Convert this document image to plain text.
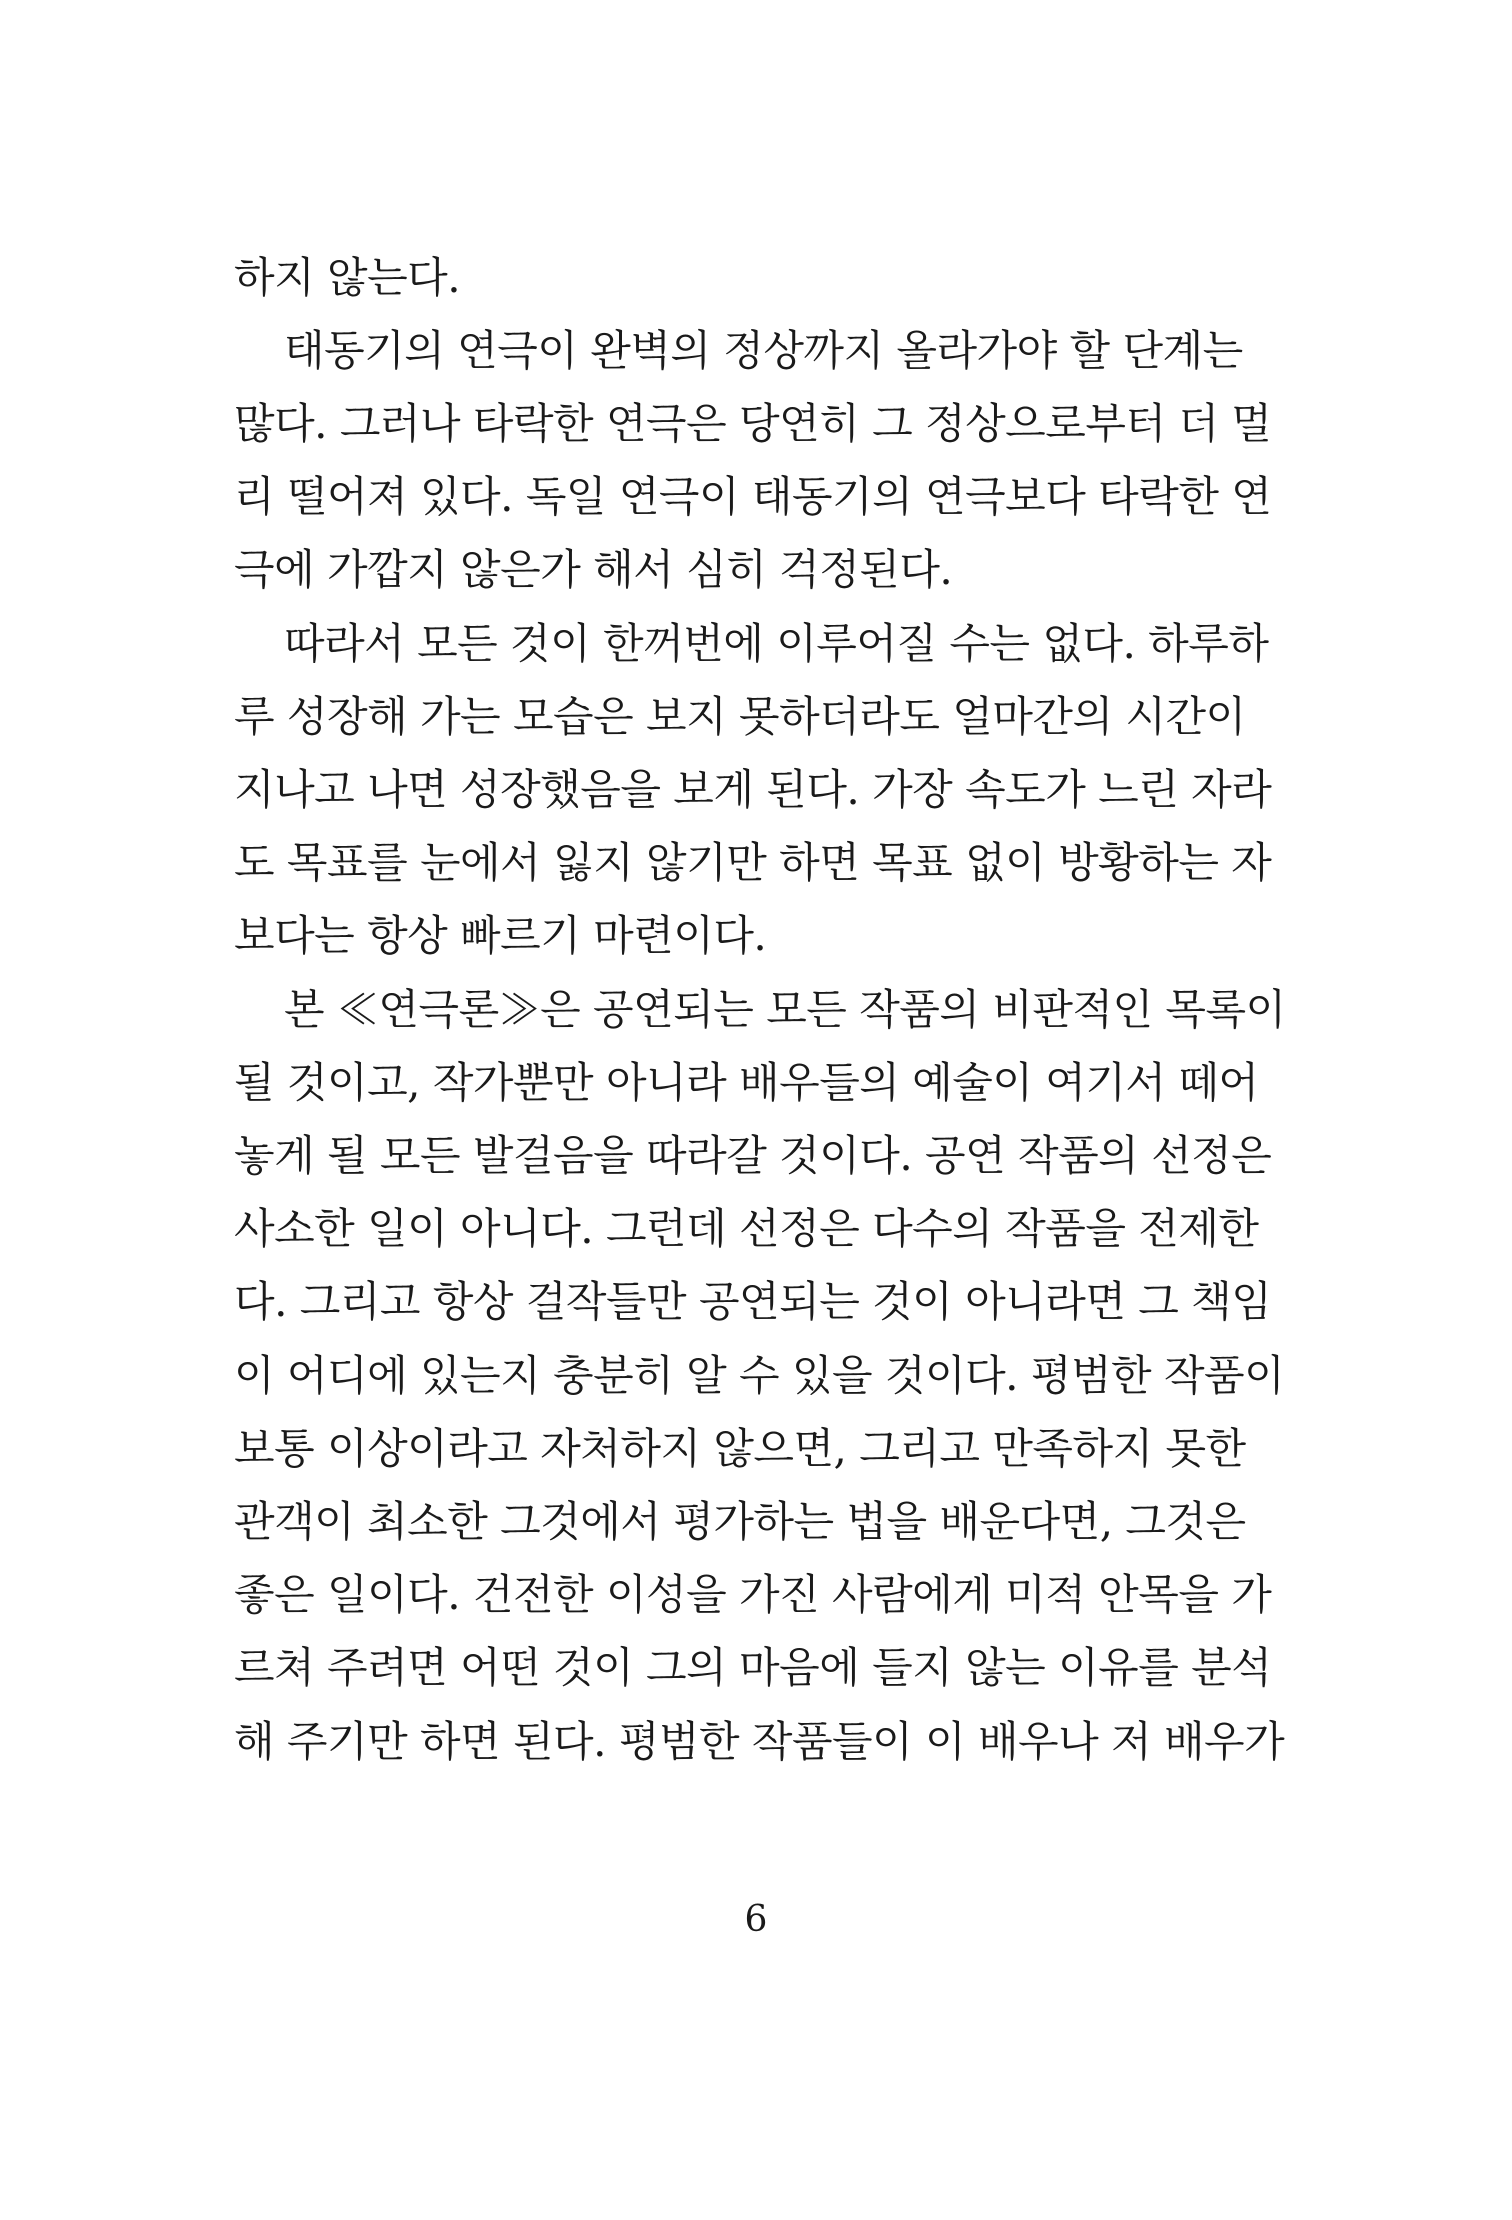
하지 않는다.
태동기의 연극이 완벽의 정상까지 올라가야 할 단계는
많다. 그러나 타락한 연극은 당연히 그 정상으로부터 더 멀
리 떨어져 있다. 독일 연극이 태동기의 연극보다 타락한 연
극에 가깝지 않은가 해서 심히 걱정된다.
따라서 모든 것이 한꺼번에 이루어질 수는 없다. 하루하
루 성장해 가는 모습은 보지 못하더라도 얼마간의 시간이
지나고 나면 성장했음을 보게 된다. 가장 속도가 느린 자라
도 목표를 눈에서 잃지 않기만 하면 목표 없이 방황하는 자
보다는 항상 빠르기 마련이다.
본 ≪연극론≫은 공연되는 모든 작품의 비판적인 목록이
될 것이고, 작가뿐만 아니라 배우들의 예술이 여기서 떼어
놓게 될 모든 발걸음을 따라갈 것이다. 공연 작품의 선정은
사소한 일이 아니다. 그런데 선정은 다수의 작품을 전제한
다. 그리고 항상 걸작들만 공연되는 것이 아니라면 그 책임
이 어디에 있는지 충분히 알 수 있을 것이다. 평범한 작품이
보통 이상이라고 자처하지 않으면, 그리고 만족하지 못한
관객이 최소한 그것에서 평가하는 법을 배운다면, 그것은
좋은 일이다. 건전한 이성을 가진 사람에게 미적 안목을 가
르쳐 주려면 어떤 것이 그의 마음에 들지 않는 이유를 분석
해 주기만 하면 된다. 평범한 작품들이 이 배우나 저 배우가
6
